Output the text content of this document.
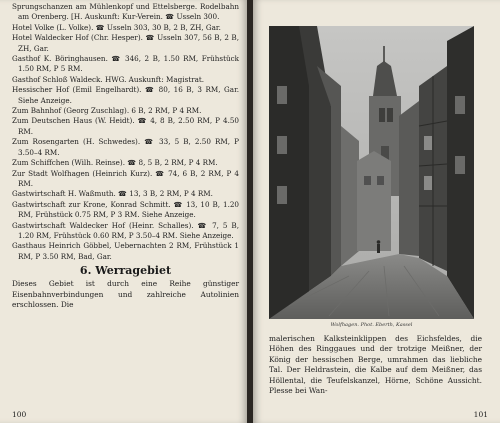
Sprungschanzen am Mühlenkopf und Ettelsberge. Rodelbahn am Orenberg. [H. Auskunft: Kur-Verein. ☎ Usseln 300.

Hotel Volke (L. Volke). ☎ Usseln 303, 30 B, 2 B, ZH, Gar.

Hotel Waldecker Hof (Chr. Hesper). ☎ Usseln 307, 56 B, 2 B, ZH, Gar.

Gasthof K. Böringhausen. ☎ 346, 2 B, 1.50 RM, Frühstück 1.50 RM, P 5 RM.

Gasthof Schloß Waldeck. HWG. Auskunft: Magistrat.

Hessischer Hof (Emil Engelhardt). ☎ 80, 16 B, 3 RM, Gar. Siehe Anzeige.

Zum Bahnhof (Georg Zuschlag). 6 B, 2 RM, P 4 RM.

Zum Deutschen Haus (W. Heidt). ☎ 4, 8 B, 2.50 RM, P 4.50 RM.

Zum Rosengarten (H. Schwedes). ☎ 33, 5 B, 2.50 RM, P 3.50–4 RM.

Zum Schiffchen (Wilh. Reinse). ☎ 8, 5 B, 2 RM, P 4 RM.

Zur Stadt Wolfhagen (Heinrich Kurz). ☎ 74, 6 B, 2 RM, P 4 RM.

Gastwirtschaft H. Waßmuth. ☎ 13, 3 B, 2 RM, P 4 RM.

Gastwirtschaft zur Krone, Konrad Schmitt. ☎ 13, 10 B, 1.20 RM, Frühstück 0.75 RM, P 3 RM. Siehe Anzeige.

Gastwirtschaft Waldecker Hof (Heinr. Schalles). ☎ 7, 5 B, 1.20 RM, Frühstück 0.60 RM, P 3.50–4 RM. Siehe Anzeige.

Gasthaus Heinrich Göbbel, Uebernachten 2 RM, Frühstück 1 RM, P 3.50 RM, Bad, Gar.

6. Werragebiet

Dieses Gebiet ist durch eine Reihe günstiger Eisenbahnverbindungen und zahlreiche Autolinien erschlossen. Die

100
Wolfhagen. Phot. Eberth, Kassel

malerischen Kalksteinklippen des Eichsfeldes, die Höhen des Ringgaues und der trotzige Meißner, der König der hessischen Berge, umrahmen das liebliche Tal. Der Heldrastein, die Kalbe auf dem Meißner, das Höllental, die Teufelskanzel, Hörne, Schöne Aussicht. Plesse bei Wan-

101
